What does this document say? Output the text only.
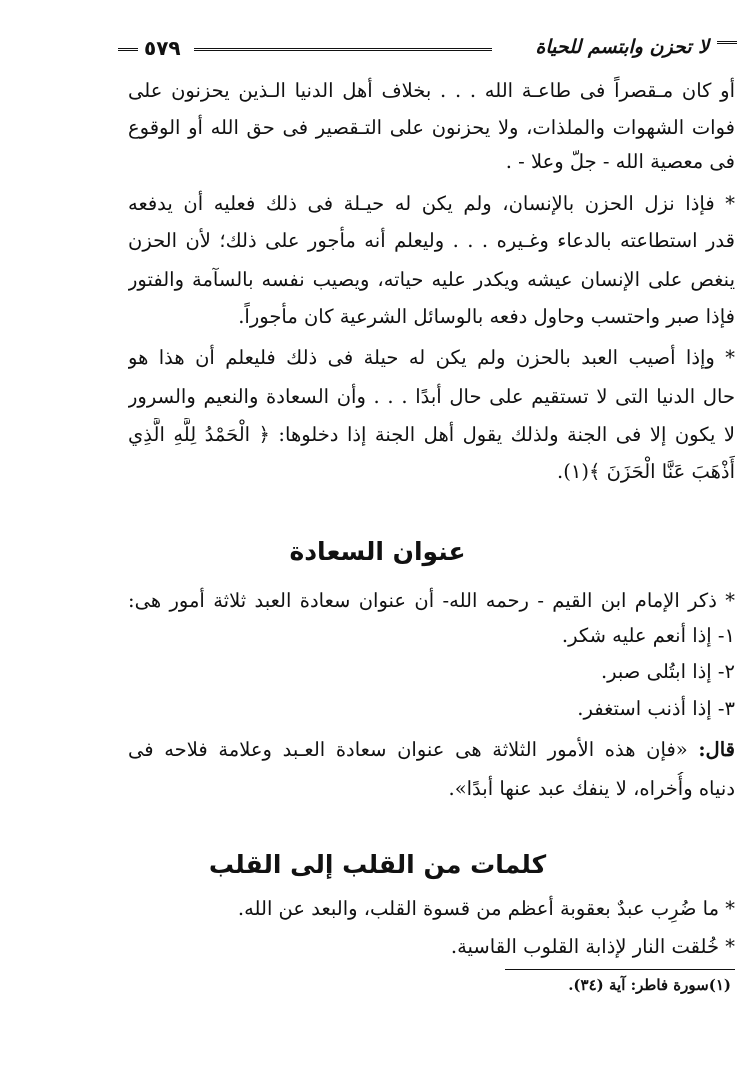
لا تحزن وابتسم للحياة
٥٧٩
أو كان مـقصراً فى طاعـة الله . . . بخلاف أهل الدنيا الـذين يحزنون على
فوات الشهوات والملذات، ولا يحزنون على التـقصير فى حق الله أو الوقوع
فى معصية الله - جلّ وعلا - .
* فإذا نزل الحزن بالإنسان، ولم يكن له حيـلة فى ذلك فعليه أن يدفعه
قدر استطاعته بالدعاء وغـيره . . . وليعلم أنه مأجور على ذلك؛ لأن الحزن
ينغص على الإنسان عيشه ويكدر عليه حياته، ويصيب نفسه بالسآمة والفتور
فإذا صبر واحتسب وحاول دفعه بالوسائل الشرعية كان مأجوراً.
* وإذا أصيب العبد بالحزن ولم يكن له حيلة فى ذلك فليعلم أن هذا هو
حال الدنيا التى لا تستقيم على حال أبدًا . . . وأن السعادة والنعيم والسرور
لا يكون إلا فى الجنة ولذلك يقول أهل الجنة إذا دخلوها: ﴿ الْحَمْدُ لِلَّهِ الَّذِي
أَذْهَبَ عَنَّا الْحَزَنَ ﴾(١).
عنوان السعادة
* ذكر الإمام ابن القيم - رحمه الله- أن عنوان سعادة العبد ثلاثة أمور هى:
١- إذا أنعم عليه شكر.
٢- إذا ابتُلى صبر.
٣- إذا أذنب استغفر.
قال: «فإن هذه الأمور الثلاثة هى عنوان سعادة العـبد وعلامة فلاحه فى
دنياه وأُخراه، لا ينفك عبد عنها أبدًا».
كلمات من القلب إلى القلب
* ما ضُرِب عبدٌ بعقوبة أعظم من قسوة القلب، والبعد عن الله.
* خُلقت النار لإذابة القلوب القاسية.
(١)سورة فاطر: آية (٣٤).
